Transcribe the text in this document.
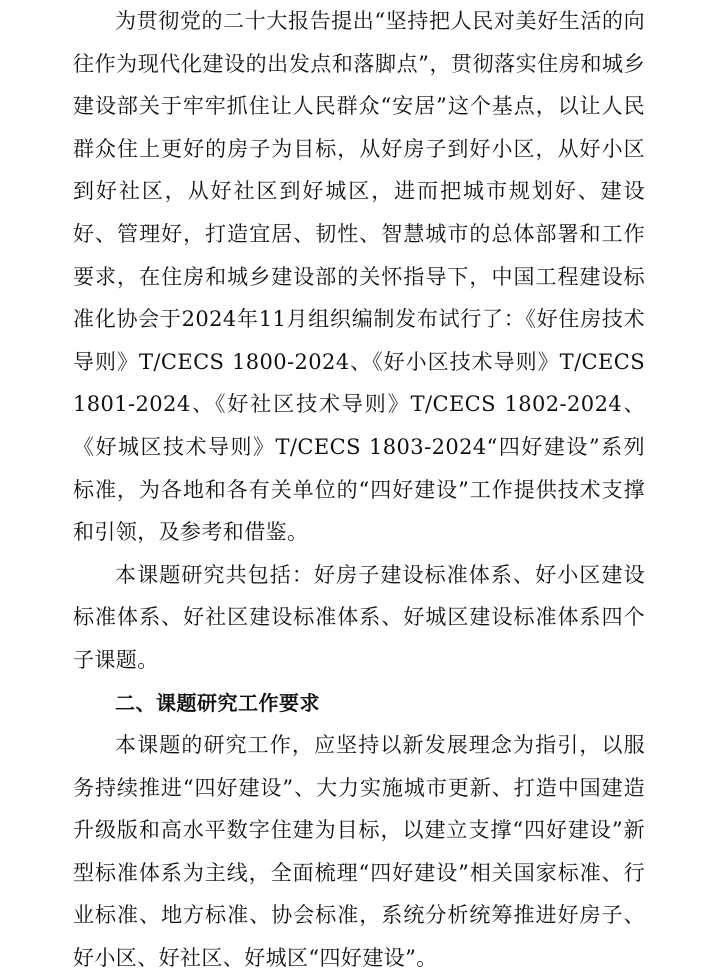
为贯彻党的二十大报告提出“坚持把人民对美好生活的向往作为现代化建设的出发点和落脚点”，贯彻落实住房和城乡建设部关于牢牢抓住让人民群众“安居”这个基点，以让人民群众住上更好的房子为目标，从好房子到好小区，从好小区到好社区，从好社区到好城区，进而把城市规划好、建设好、管理好，打造宜居、韧性、智慧城市的总体部署和工作要求，在住房和城乡建设部的关怀指导下，中国工程建设标准化协会于2024年11月组织编制发布试行了：《好住房技术导则》T/CECS 1800-2024、《好小区技术导则》T/CECS 1801-2024、《好社区技术导则》T/CECS 1802-2024、《好城区技术导则》T/CECS 1803-2024“四好建设”系列标准，为各地和各有关单位的“四好建设”工作提供技术支撑和引领，及参考和借鉴。

本课题研究共包括：好房子建设标准体系、好小区建设标准体系、好社区建设标准体系、好城区建设标准体系四个子课题。

二、课题研究工作要求

本课题的研究工作，应坚持以新发展理念为指引，以服务持续推进“四好建设”、大力实施城市更新、打造中国建造升级版和高水平数字住建为目标，以建立支撑“四好建设”新型标准体系为主线，全面梳理“四好建设”相关国家标准、行业标准、地方标准、协会标准，系统分析统筹推进好房子、好小区、好社区、好城区“四好建设”。
